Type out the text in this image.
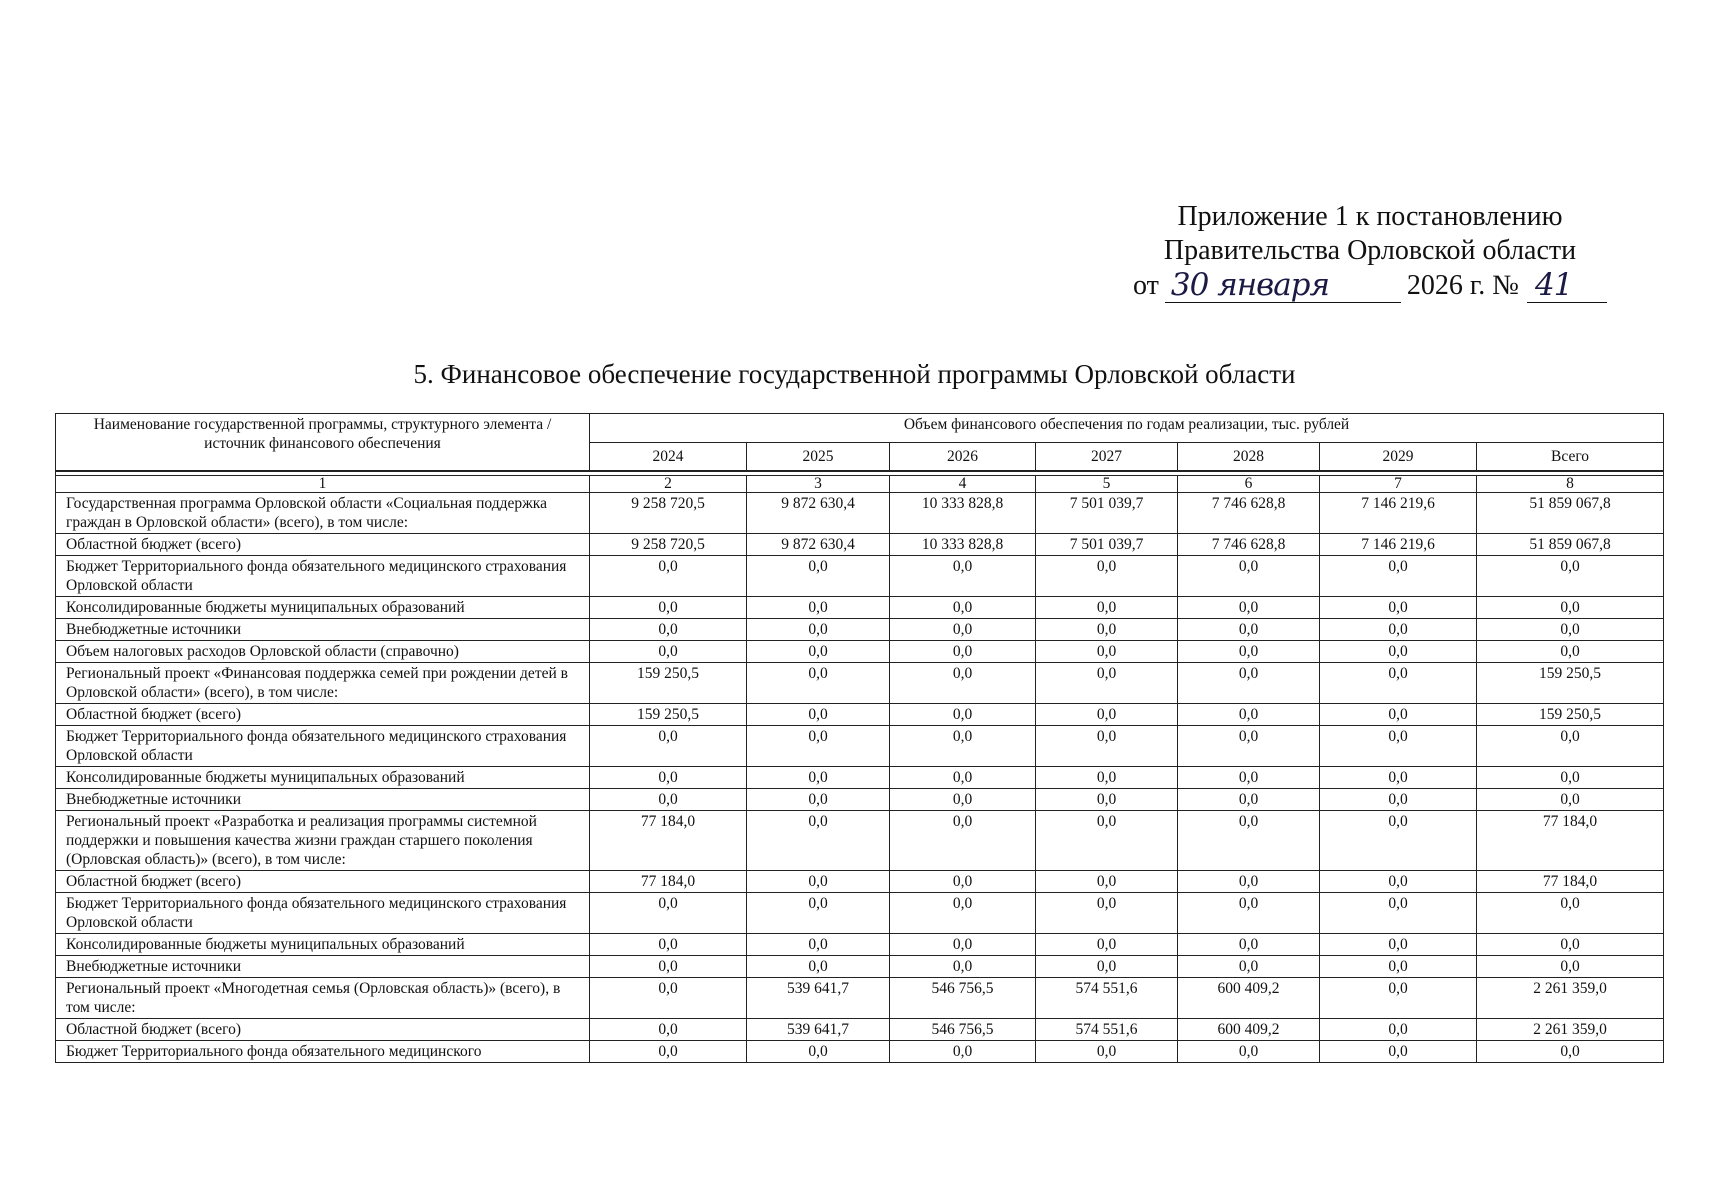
Приложение 1 к постановлению
Правительства Орловской области
от 30 января	2026 г. № 41
5. Финансовое обеспечение государственной программы Орловской области
Наименование государственной программы, структурного элемента / источник финансового обеспечения	Объем финансового обеспечения по годам реализации, тыс. рублей						
	2024	2025	2026	2027	2028	2029	Всего

1	2	3	4	5	6	7	8
Государственная программа Орловской области «Социальная поддержка граждан в Орловской области» (всего), в том числе:	9 258 720,5	9 872 630,4	10 333 828,8	7 501 039,7	7 746 628,8	7 146 219,6	51 859 067,8
Областной бюджет (всего)	9 258 720,5	9 872 630,4	10 333 828,8	7 501 039,7	7 746 628,8	7 146 219,6	51 859 067,8
Бюджет Территориального фонда обязательного медицинского страхования Орловской области	0,0	0,0	0,0	0,0	0,0	0,0	0,0
Консолидированные бюджеты муниципальных образований	0,0	0,0	0,0	0,0	0,0	0,0	0,0
Внебюджетные источники	0,0	0,0	0,0	0,0	0,0	0,0	0,0
Объем налоговых расходов Орловской области (справочно)	0,0	0,0	0,0	0,0	0,0	0,0	0,0
Региональный проект «Финансовая поддержка семей при рождении детей в Орловской области» (всего), в том числе:	159 250,5	0,0	0,0	0,0	0,0	0,0	159 250,5
Областной бюджет (всего)	159 250,5	0,0	0,0	0,0	0,0	0,0	159 250,5
Бюджет Территориального фонда обязательного медицинского страхования Орловской области	0,0	0,0	0,0	0,0	0,0	0,0	0,0
Консолидированные бюджеты муниципальных образований	0,0	0,0	0,0	0,0	0,0	0,0	0,0
Внебюджетные источники	0,0	0,0	0,0	0,0	0,0	0,0	0,0
Региональный проект «Разработка и реализация программы системной поддержки и повышения качества жизни граждан старшего поколения (Орловская область)» (всего), в том числе:	77 184,0	0,0	0,0	0,0	0,0	0,0	77 184,0
Областной бюджет (всего)	77 184,0	0,0	0,0	0,0	0,0	0,0	77 184,0
Бюджет Территориального фонда обязательного медицинского страхования Орловской области	0,0	0,0	0,0	0,0	0,0	0,0	0,0
Консолидированные бюджеты муниципальных образований	0,0	0,0	0,0	0,0	0,0	0,0	0,0
Внебюджетные источники	0,0	0,0	0,0	0,0	0,0	0,0	0,0
Региональный проект «Многодетная семья (Орловская область)» (всего), в том числе:	0,0	539 641,7	546 756,5	574 551,6	600 409,2	0,0	2 261 359,0
Областной бюджет (всего)	0,0	539 641,7	546 756,5	574 551,6	600 409,2	0,0	2 261 359,0
Бюджет Территориального фонда обязательного медицинского	0,0	0,0	0,0	0,0	0,0	0,0	0,0
